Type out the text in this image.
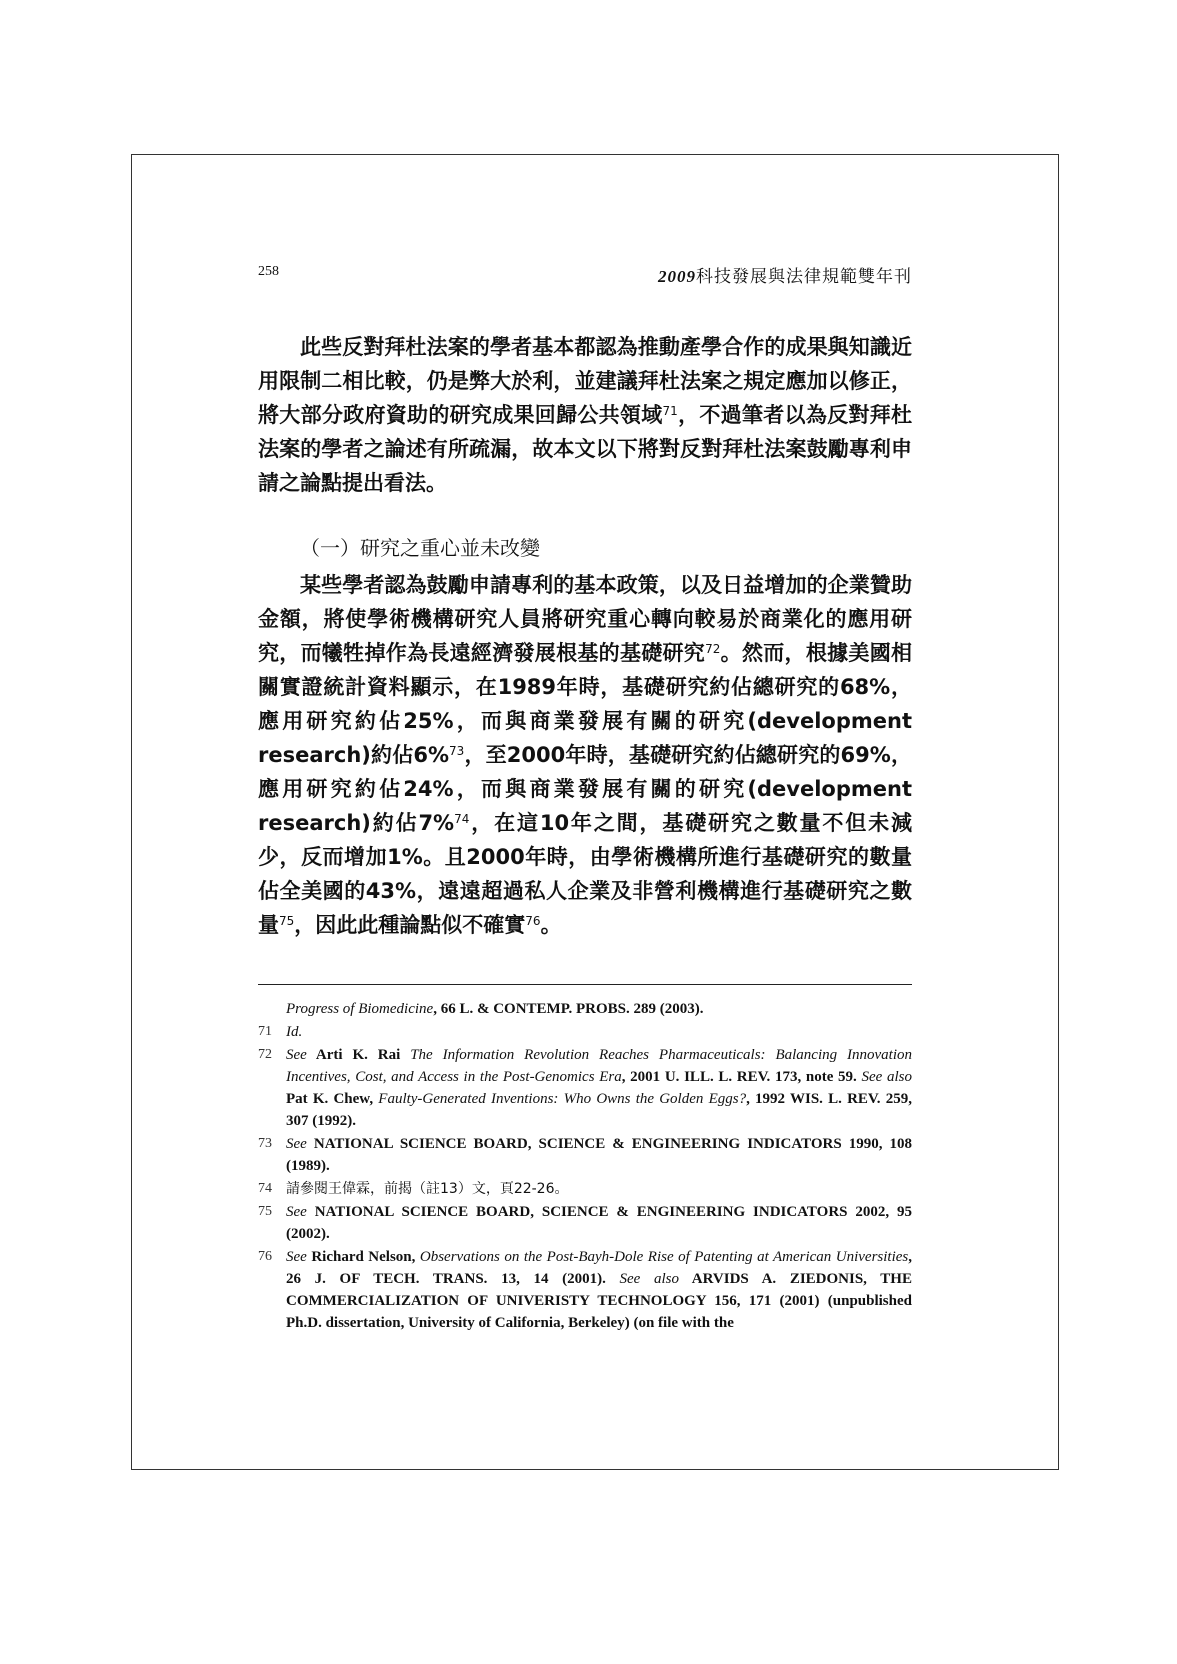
258	2009科技發展與法律規範雙年刊
此些反對拜杜法案的學者基本都認為推動產學合作的成果與知識近用限制二相比較，仍是弊大於利，並建議拜杜法案之規定應加以修正，將大部分政府資助的研究成果回歸公共領域$^{71}$，不過筆者以為反對拜杜法案的學者之論述有所疏漏，故本文以下將對反對拜杜法案鼓勵專利申請之論點提出看法。
（一）研究之重心並未改變
某些學者認為鼓勵申請專利的基本政策，以及日益增加的企業贊助金額，將使學術機構研究人員將研究重心轉向較易於商業化的應用研究，而犧牲掉作為長遠經濟發展根基的基礎研究$^{72}$。然而，根據美國相關實證統計資料顯示，在1989年時，基礎研究約佔總研究的68%，應用研究約佔25%，而與商業發展有關的研究(development research)約佔6%$^{73}$，至2000年時，基礎研究約佔總研究的69%，應用研究約佔24%，而與商業發展有關的研究(development research)約佔7%$^{74}$，在這10年之間，基礎研究之數量不但未減少，反而增加1%。且2000年時，由學術機構所進行基礎研究的數量佔全美國的43%，遠遠超過私人企業及非營利機構進行基礎研究之數量$^{75}$，因此此種論點似不確實$^{76}$。
Progress of Biomedicine, 66 L. & CONTEMP. PROBS. 289 (2003).
71 Id.
72 See Arti K. Rai The Information Revolution Reaches Pharmaceuticals: Balancing Innovation Incentives, Cost, and Access in the Post-Genomics Era, 2001 U. ILL. L. REV. 173, note 59. See also Pat K. Chew, Faulty-Generated Inventions: Who Owns the Golden Eggs?, 1992 WIS. L. REV. 259, 307 (1992).
73 See NATIONAL SCIENCE BOARD, SCIENCE & ENGINEERING INDICATORS 1990, 108 (1989).
74 請參閱王偉霖，前揭（註13）文，頁22-26。
75 See NATIONAL SCIENCE BOARD, SCIENCE & ENGINEERING INDICATORS 2002, 95 (2002).
76 See Richard Nelson, Observations on the Post-Bayh-Dole Rise of Patenting at American Universities, 26 J. OF TECH. TRANS. 13, 14 (2001). See also ARVIDS A. ZIEDONIS, THE COMMERCIALIZATION OF UNIVERISTY TECHNOLOGY 156, 171 (2001) (unpublished Ph.D. dissertation, University of California, Berkeley) (on file with the
